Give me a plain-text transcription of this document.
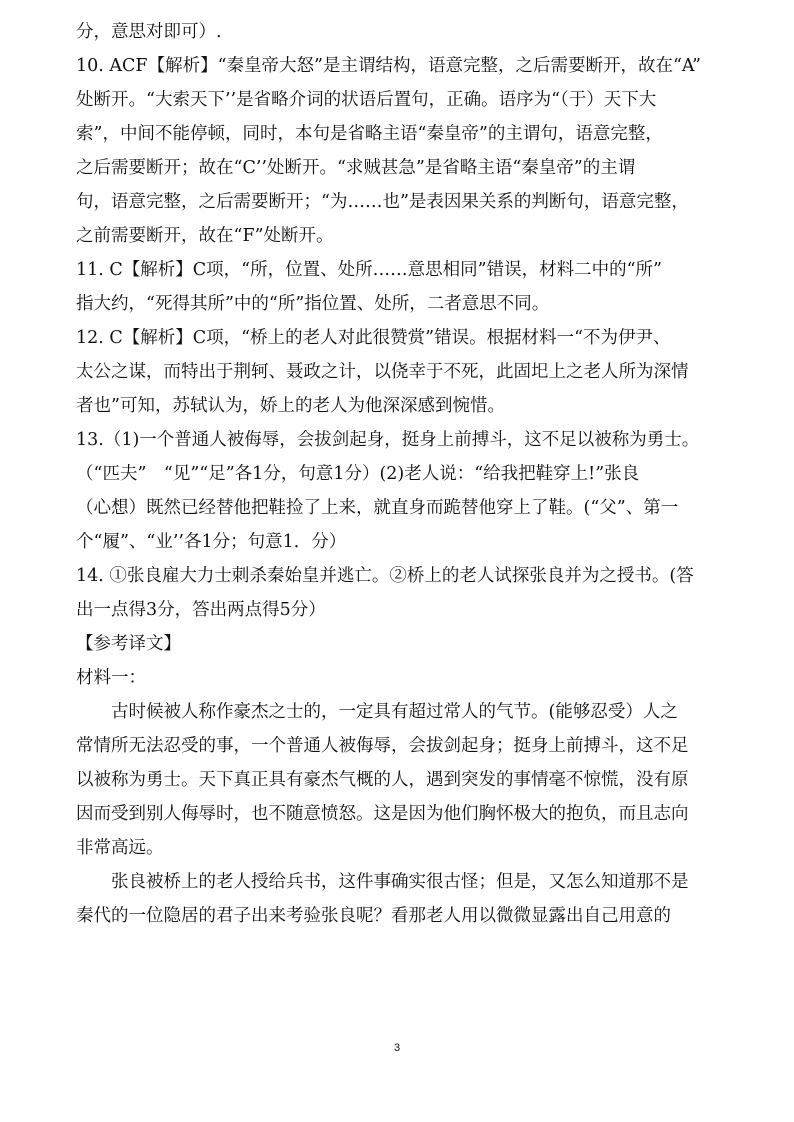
分，意思对即可）.
10. ACF【解析】“秦皇帝大怒”是主谓结构，语意完整，之后需要断开，故在“A”
处断开。“大索天下’’是省略介词的状语后置句，正确。语序为“（于）天下大
索”，中间不能停顿，同时，本句是省略主语“秦皇帝”的主谓句，语意完整，
之后需要断开；故在“C’’处断开。“求贼甚急”是省略主语“秦皇帝”的主谓
句，语意完整，之后需要断开；“为……也”是表因果关系的判断句，语意完整，
之前需要断开，故在“F”处断开。
11. C【解析】C项，“所，位置、处所……意思相同”错误，材料二中的“所”
指大约，“死得其所”中的“所”指位置、处所，二者意思不同。
12. C【解析】C项，“桥上的老人对此很赞赏”错误。根据材料一“不为伊尹、
太公之谋，而特出于荆轲、聂政之计，以侥幸于不死，此固圯上之老人所为深情
者也”可知，苏轼认为，娇上的老人为他深深感到惋惜。
13.（1)一个普通人被侮辱，会拔剑起身，挺身上前搏斗，这不足以被称为勇士。
（“匹夫”　“见”“足”各1分，句意1分）(2)老人说：“给我把鞋穿上!”张良
（心想）既然已经替他把鞋捡了上来，就直身而跪替他穿上了鞋。(“父”、第一
个“履”、“业’’各1分；句意1．分）
14. ①张良雇大力士刺杀秦始皇并逃亡。②桥上的老人试探张良并为之授书。(答
出一点得3分，答出两点得5分）
【参考译文】
材料一：
古时候被人称作豪杰之士的，一定具有超过常人的气节。(能够忍受）人之
常情所无法忍受的事，一个普通人被侮辱，会拔剑起身；挺身上前搏斗，这不足
以被称为勇士。天下真正具有豪杰气概的人，遇到突发的事情毫不惊慌，没有原
因而受到别人侮辱时，也不随意愤怒。这是因为他们胸怀极大的抱负，而且志向
非常高远。
张良被桥上的老人授给兵书，这件事确实很古怪；但是，又怎么知道那不是
秦代的一位隐居的君子出来考验张良呢？看那老人用以微微显露出自己用意的
3
